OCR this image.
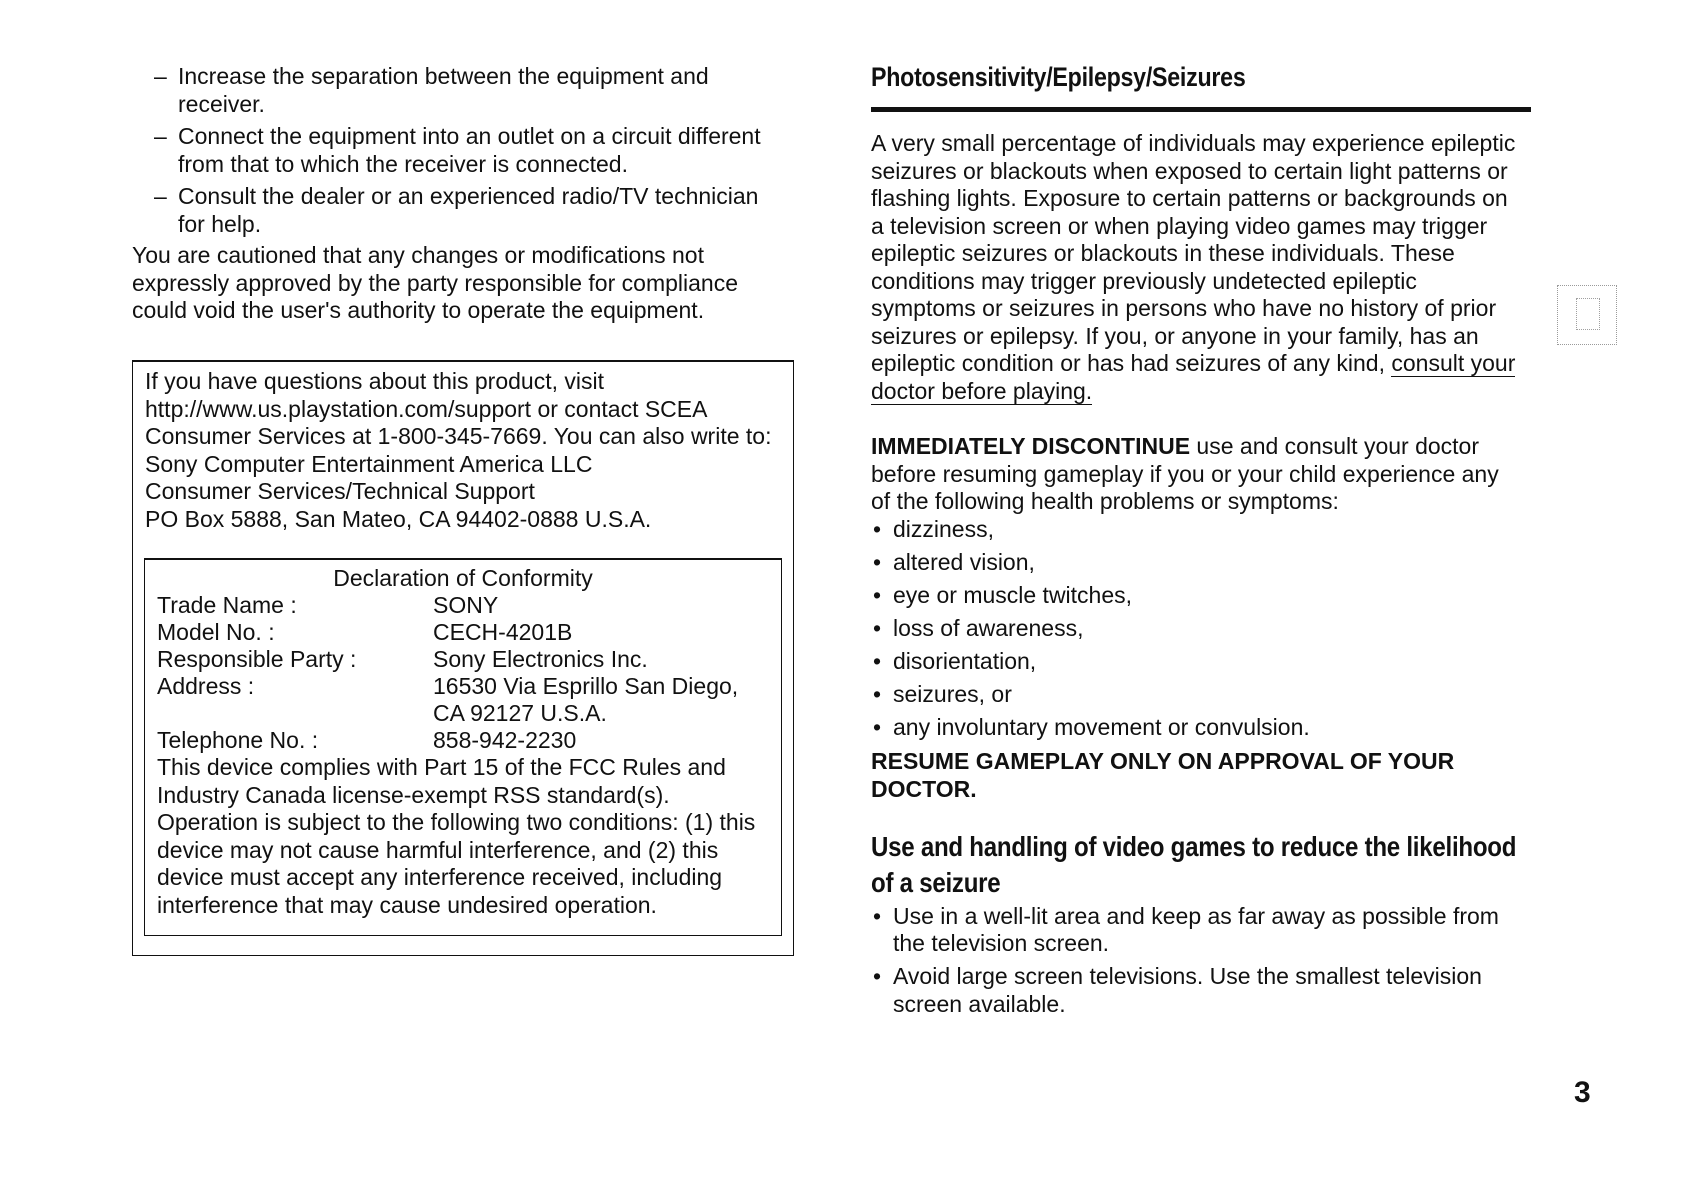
– Increase the separation between the equipment and
receiver.
– Connect the equipment into an outlet on a circuit different
from that to which the receiver is connected.
– Consult the dealer or an experienced radio/TV technician
for help.

You are cautioned that any changes or modifications not
expressly approved by the party responsible for compliance
could void the user's authority to operate the equipment.

If you have questions about this product, visit
http://www.us.playstation.com/support or contact SCEA
Consumer Services at 1-800-345-7669. You can also write to:
Sony Computer Entertainment America LLC
Consumer Services/Technical Support
PO Box 5888, San Mateo, CA 94402-0888 U.S.A.
Declaration of Conformity
Trade Name :	SONY
Model No. :	CECH-4201B
Responsible Party :	Sony Electronics Inc.
Address :	16530 Via Esprillo San Diego,
CA 92127 U.S.A.
Telephone No. :	858-942-2230
This device complies with Part 15 of the FCC Rules and
Industry Canada license-exempt RSS standard(s).
Operation is subject to the following two conditions: (1) this
device may not cause harmful interference, and (2) this
device must accept any interference received, including
interference that may cause undesired operation.
Photosensitivity/Epilepsy/Seizures

A very small percentage of individuals may experience epileptic
seizures or blackouts when exposed to certain light patterns or
flashing lights. Exposure to certain patterns or backgrounds on
a television screen or when playing video games may trigger
epileptic seizures or blackouts in these individuals. These
conditions may trigger previously undetected epileptic
symptoms or seizures in persons who have no history of prior
seizures or epilepsy. If you, or anyone in your family, has an
epileptic condition or has had seizures of any kind, consult your
doctor before playing.

IMMEDIATELY DISCONTINUE use and consult your doctor
before resuming gameplay if you or your child experience any
of the following health problems or symptoms:

• dizziness,
• altered vision,
• eye or muscle twitches,
• loss of awareness,
• disorientation,
• seizures, or
• any involuntary movement or convulsion.

RESUME GAMEPLAY ONLY ON APPROVAL OF YOUR
DOCTOR.

Use and handling of video games to reduce the likelihood
of a seizure
• Use in a well-lit area and keep as far away as possible from
the television screen.
• Avoid large screen televisions. Use the smallest television
screen available.
3
